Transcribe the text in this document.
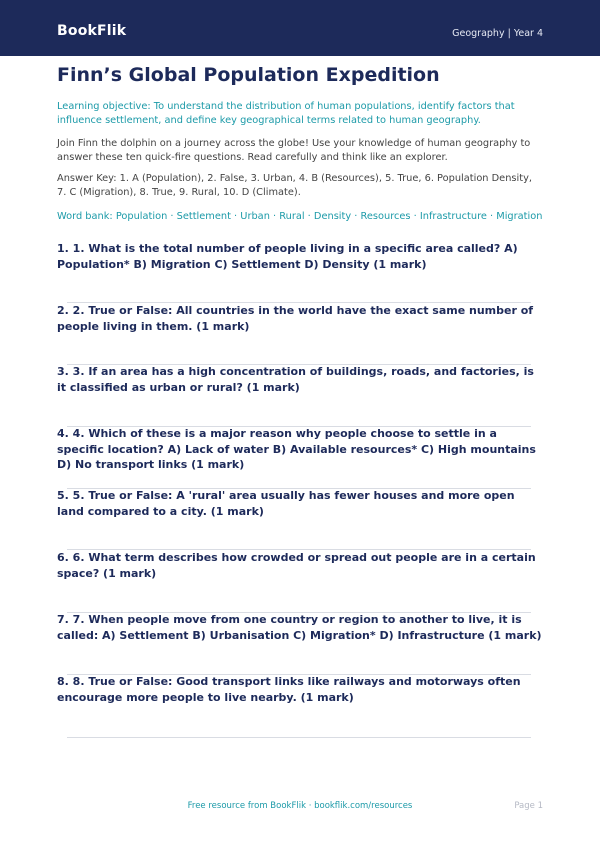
BookFlik	Geography | Year 4
Finn’s Global Population Expedition

Learning objective: To understand the distribution of human populations, identify factors that influence settlement, and define key geographical terms related to human geography.

Join Finn the dolphin on a journey across the globe! Use your knowledge of human geography to answer these ten quick-fire questions. Read carefully and think like an explorer.

Answer Key: 1. A (Population), 2. False, 3. Urban, 4. B (Resources), 5. True, 6. Population Density, 7. C (Migration), 8. True, 9. Rural, 10. D (Climate).

Word bank: Population · Settlement · Urban · Rural · Density · Resources · Infrastructure · Migration

1. 1. What is the total number of people living in a specific area called? A) Population* B) Migration C) Settlement D) Density (1 mark)

2. 2. True or False: All countries in the world have the exact same number of people living in them. (1 mark)

3. 3. If an area has a high concentration of buildings, roads, and factories, is it classified as urban or rural? (1 mark)

4. 4. Which of these is a major reason why people choose to settle in a specific location? A) Lack of water B) Available resources* C) High mountains D) No transport links (1 mark)

5. 5. True or False: A 'rural' area usually has fewer houses and more open land compared to a city. (1 mark)

6. 6. What term describes how crowded or spread out people are in a certain space? (1 mark)

7. 7. When people move from one country or region to another to live, it is called: A) Settlement B) Urbanisation C) Migration* D) Infrastructure (1 mark)

8. 8. True or False: Good transport links like railways and motorways often encourage more people to live nearby. (1 mark)

Free resource from BookFlik · bookflik.com/resources	Page 1
